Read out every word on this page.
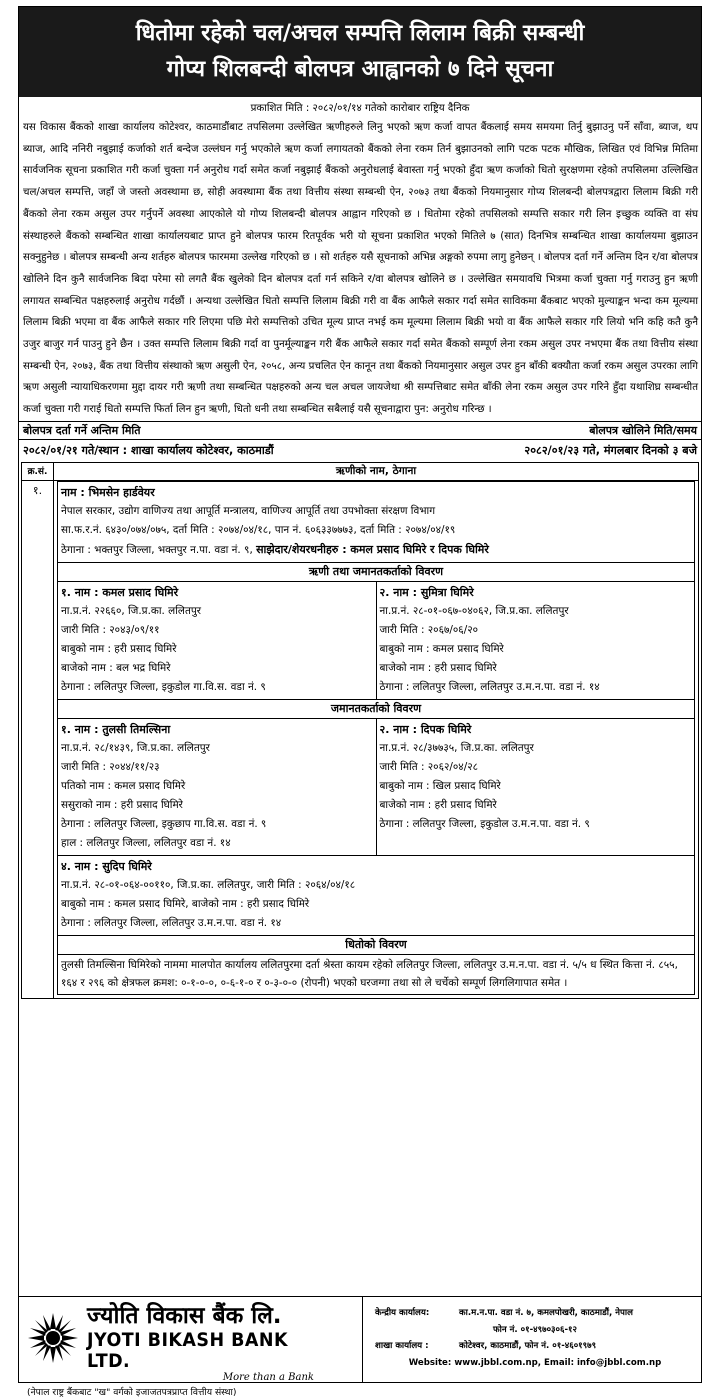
धितोमा रहेको चल/अचल सम्पत्ति लिलाम बिक्री सम्बन्धी
गोप्य शिलबन्दी बोलपत्र आह्वानको ७ दिने सूचना
प्रकाशित मिति : २०८२/०१/१४ गतेको कारोबार राष्ट्रिय दैनिक
यस विकास बैंकको शाखा कार्यालय कोटेश्वर, काठमाडौंबाट तपसिलमा उल्लेखित ऋणीहरुले लिनु भएको ऋण कर्जा वापत बैंकलाई समय समयमा तिर्नु बुझाउनु पर्ने साँवा, ब्याज, थप ब्याज, आदि ननिरी नबुझाई कर्जाको शर्त बन्देज उल्लंघन गर्नु भएकोले ऋण कर्जा लगायतको बैंकको लेना रकम तिर्न बुझाउनको लागि पटक पटक मौखिक, लिखित एवं विभिन्न मितिमा सार्वजनिक सूचना प्रकाशित गरी कर्जा चुक्ता गर्न अनुरोध गर्दा समेत कर्जा नबुझाई बैंकको अनुरोधलाई बेवास्ता गर्नु भएको हुँदा ऋण कर्जाको धितो सुरक्षणमा रहेको तपसिलमा उल्लिखित चल/अचल सम्पत्ति, जहाँ जे जस्तो अवस्थामा छ, सोही अवस्थामा बैंक तथा वित्तीय संस्था सम्बन्धी ऐन, २०७३ तथा बैंकको नियमानुसार गोप्य शिलबन्दी बोलपत्रद्वारा लिलाम बिक्री गरी बैंकको लेना रकम असुल उपर गर्नुपर्ने अवस्था आएकोले यो गोप्य शिलबन्दी बोलपत्र आह्वान गरिएको छ । धितोमा रहेको तपसिलको सम्पत्ति सकार गरी लिन इच्छुक व्यक्ति वा संघ संस्थाहरुले बैंकको सम्बन्धित शाखा कार्यालयबाट प्राप्त हुने बोलपत्र फारम रितपूर्वक भरी यो सूचना प्रकाशित भएको मितिले ७ (सात) दिनभित्र सम्बन्धित शाखा कार्यालयमा बुझाउन सक्नुहुनेछ । बोलपत्र सम्बन्धी अन्य शर्तहरु बोलपत्र फारममा उल्लेख गरिएको छ । सो शर्तहरु यसै सूचनाको अभिन्न अङ्गको रुपमा लागु हुनेछन् । बोलपत्र दर्ता गर्ने अन्तिम दिन र/वा बोलपत्र खोलिने दिन कुनै सार्वजनिक बिदा परेमा सो लगतै बैंक खुलेको दिन बोलपत्र दर्ता गर्न सकिने र/वा बोलपत्र खोलिने छ । उल्लेखित समयावधि भित्रमा कर्जा चुक्ता गर्नु गराउनु हुन ऋणी लगायत सम्बन्धित पक्षहरुलाई अनुरोध गर्दछौं । अन्यथा उल्लेखित धितो सम्पत्ति लिलाम बिक्री गरी वा बैंक आफैले सकार गर्दा समेत साविकमा बैंकबाट भएको मुल्याङ्कन भन्दा कम मूल्यमा लिलाम बिक्री भएमा वा बैंक आफैले सकार गरि लिएमा पछि मेरो सम्पत्तिको उचित मूल्य प्राप्त नभई कम मूल्यमा लिलाम बिक्री भयो वा बैंक आफैले सकार गरि लियो भनि कहि कतै कुनै उजुर बाजुर गर्न पाउनु हुने छैन । उक्त सम्पत्ति लिलाम बिक्री गर्दा वा पुनर्मूल्याङ्कन गरी बैंक आफैले सकार गर्दा समेत बैंकको सम्पूर्ण लेना रकम असुल उपर नभएमा बैंक तथा वित्तीय संस्था सम्बन्धी ऐन, २०७३, बैंक तथा वित्तीय संस्थाको ऋण असुली ऐन, २०५८, अन्य प्रचलित ऐन कानून तथा बैंकको नियमानुसार असुल उपर हुन बाँकी बक्यौता कर्जा रकम असुल उपरका लागि ऋण असुली न्यायाधिकरणमा मुद्दा दायर गरी ऋणी तथा सम्बन्धित पक्षहरुको अन्य चल अचल जायजेथा श्री सम्पत्तिबाट समेत बाँकी लेना रकम असुल उपर गरिने हुँदा यथाशिघ्र सम्बन्धीत कर्जा चुक्ता गरी गराई धितो सम्पत्ति फिर्ता लिन हुन ऋणी, धितो धनी तथा सम्बन्धित सबैलाई यसै सूचनाद्वारा पुन: अनुरोध गरिन्छ ।
बोलपत्र दर्ता गर्ने अन्तिम मिति	बोलपत्र खोलिने मिति/समय
२०८२/०१/२१ गते/स्थान : शाखा कार्यालय कोटेश्वर, काठमाडौं	२०८२/०१/२३ गते, मंगलबार दिनको ३ बजे
क्र.सं.	ऋणीको नाम, ठेगाना
१.	नाम : भिमसेन हार्डवेयर
नेपाल सरकार, उद्योग वाणिज्य तथा आपूर्ति मन्त्रालय, वाणिज्य आपूर्ति तथा उपभोक्ता संरक्षण विभाग
सा.फ.र.नं. ६४३०/०७४/०७५, दर्ता मिति : २०७४/०४/१८, पान नं. ६०६३३७७७३, दर्ता मिति : २०७४/०४/१९
ठेगाना : भक्तपुर जिल्ला, भक्तपुर न.पा. वडा नं. ९, साझेदार/शेयरधनीहरु : कमल प्रसाद घिमिरे र दिपक घिमिरे
ऋणी तथा जमानतकर्ताको विवरण
१. नाम : कमल प्रसाद घिमिरे
ना.प्र.नं. २२६६०, जि.प्र.का. ललितपुर
जारी मिति : २०४३/०९/११
बाबुको नाम : हरी प्रसाद घिमिरे
बाजेको नाम : बल भद्र घिमिरे
ठेगाना : ललितपुर जिल्ला, इकुडोल गा.वि.स. वडा नं. ९
२. नाम : सुमित्रा घिमिरे
ना.प्र.नं. २८-०१-०६७-०४०६२, जि.प्र.का. ललितपुर
जारी मिति : २०६७/०६/२०
बाबुको नाम : कमल प्रसाद घिमिरे
बाजेको नाम : हरी प्रसाद घिमिरे
ठेगाना : ललितपुर जिल्ला, ललितपुर उ.म.न.पा. वडा नं. १४
जमानतकर्ताको विवरण
१. नाम : तुलसी तिमल्सिना
ना.प्र.नं. २८/१४३९, जि.प्र.का. ललितपुर
जारी मिति : २०४४/११/२३
पतिको नाम : कमल प्रसाद घिमिरे
ससुराको नाम : हरी प्रसाद घिमिरे
ठेगाना : ललितपुर जिल्ला, इकुछाप गा.वि.स. वडा नं. ९
हाल : ललितपुर जिल्ला, ललितपुर वडा नं. १४
२. नाम : दिपक घिमिरे
ना.प्र.नं. २८/३७७३५, जि.प्र.का. ललितपुर
जारी मिति : २०६२/०४/२८
बाबुको नाम : खिल प्रसाद घिमिरे
बाजेको नाम : हरी प्रसाद घिमिरे
ठेगाना : ललितपुर जिल्ला, इकुडोल उ.म.न.पा. वडा नं. ९
४. नाम : सुदिप घिमिरे
ना.प्र.नं. २८-०१-०६४-००११०, जि.प्र.का. ललितपुर, जारी मिति : २०६४/०४/१८
बाबुको नाम : कमल प्रसाद घिमिरे, बाजेको नाम : हरी प्रसाद घिमिरे
ठेगाना : ललितपुर जिल्ला, ललितपुर उ.म.न.पा. वडा नं. १४
धितोको विवरण
तुलसी तिमल्सिना घिमिरेको नाममा मालपोत कार्यालय ललितपुरमा दर्ता श्रेस्ता कायम रहेको ललितपुर जिल्ला, ललितपुर उ.म.न.पा. वडा नं. ५/५ ध स्थित कित्ता नं. ८५५, १६४ र २९६ को क्षेत्रफल क्रमश: ०-१-०-०, ०-६-१-० र ०-३-०-० (रोपनी) भएको घरजग्गा तथा सो ले चर्चेको सम्पूर्ण लिगलिगापात समेत ।
ज्योति विकास बैंक लि.
JYOTI BIKASH BANK LTD.
More than a Bank
(नेपाल राष्ट्र बैंकबाट "ख" वर्गको इजाजतपत्रप्राप्त वित्तीय संस्था)
केन्द्रीय कार्यालय:	का.म.न.पा. वडा नं. ७, कमलपोखरी, काठमाडौं, नेपाल
फोन नं. ०१-४९७०३०६-१२
शाखा कार्यालय :	कोटेश्वर, काठमाडौं, फोन नं. ०१-४६०१९७९
Website: www.jbbl.com.np, Email: info@jbbl.com.np
